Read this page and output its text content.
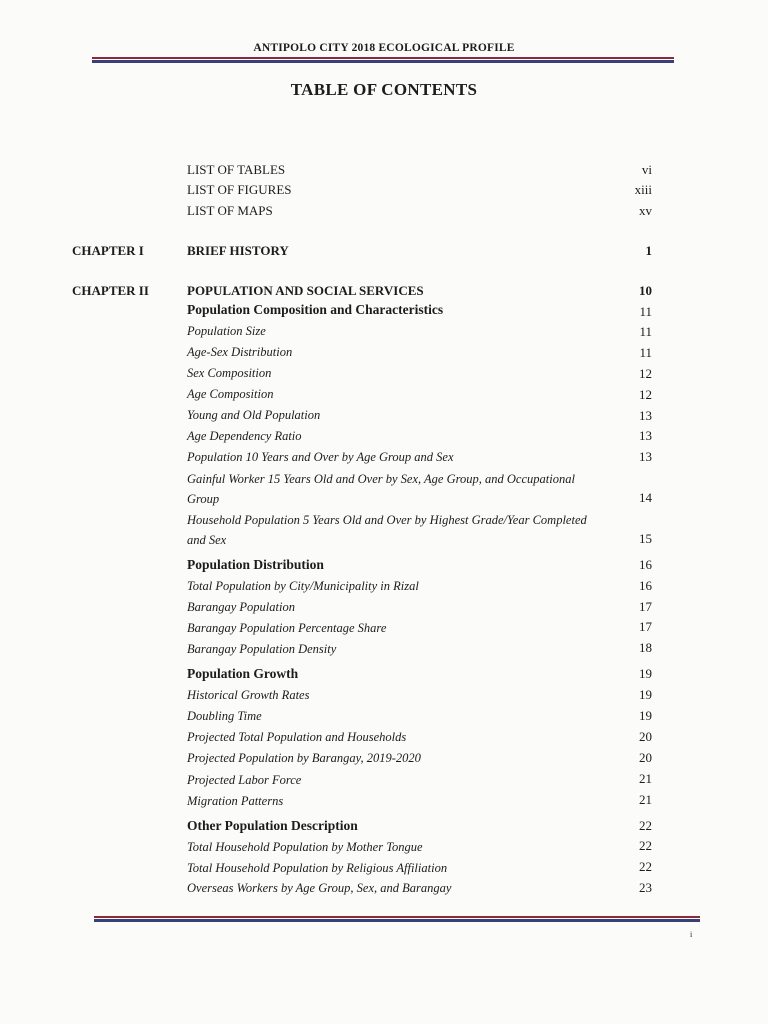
ANTIPOLO CITY 2018 ECOLOGICAL PROFILE
TABLE OF CONTENTS
LIST OF TABLES	vi
LIST OF FIGURES	xiii
LIST OF MAPS	xv
CHAPTER I	BRIEF HISTORY	1
CHAPTER II	POPULATION AND SOCIAL SERVICES	10
Population Composition and Characteristics	11
Population Size	11
Age-Sex Distribution	11
Sex Composition	12
Age Composition	12
Young and Old Population	13
Age Dependency Ratio	13
Population 10 Years and Over by Age Group and Sex	13
Gainful Worker 15 Years Old and Over by Sex, Age Group, and Occupational Group	14
Household Population 5 Years Old and Over by Highest Grade/Year Completed and Sex	15
Population Distribution	16
Total Population by City/Municipality in Rizal	16
Barangay Population	17
Barangay Population Percentage Share	17
Barangay Population Density	18
Population Growth	19
Historical Growth Rates	19
Doubling Time	19
Projected Total Population and Households	20
Projected Population by Barangay, 2019-2020	20
Projected Labor Force	21
Migration Patterns	21
Other Population Description	22
Total Household Population by Mother Tongue	22
Total Household Population by Religious Affiliation	22
Overseas Workers by Age Group, Sex, and Barangay	23
i
